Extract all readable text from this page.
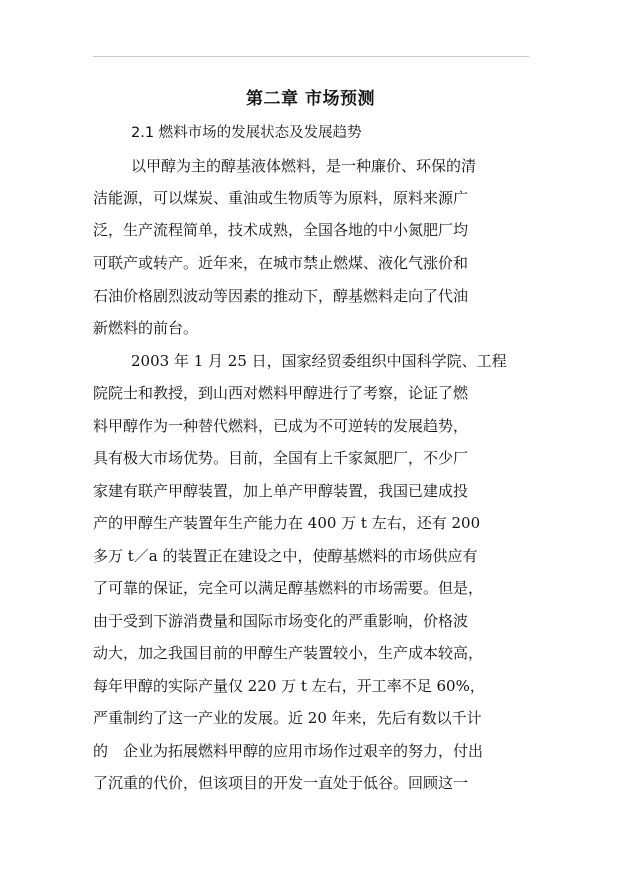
第二章 市场预测
2.1 燃料市场的发展状态及发展趋势

以甲醇为主的醇基液体燃料，是一种廉价、环保的清

洁能源，可以煤炭、重油或生物质等为原料，原料来源广

泛，生产流程简单，技术成熟，全国各地的中小氮肥厂均

可联产或转产。近年来，在城市禁止燃煤、液化气涨价和

石油价格剧烈波动等因素的推动下，醇基燃料走向了代油

新燃料的前台。

2003 年 1 月 25 日，国家经贸委组织中国科学院、工程

院院士和教授，到山西对燃料甲醇进行了考察，论证了燃

料甲醇作为一种替代燃料，已成为不可逆转的发展趋势，

具有极大市场优势。目前，全国有上千家氮肥厂，不少厂

家建有联产甲醇装置，加上单产甲醇装置，我国已建成投

产的甲醇生产装置年生产能力在 400 万 t 左右，还有 200

多万 t／a 的装置正在建设之中，使醇基燃料的市场供应有

了可靠的保证，完全可以满足醇基燃料的市场需要。但是，

由于受到下游消费量和国际市场变化的严重影响，价格波

动大，加之我国目前的甲醇生产装置较小，生产成本较高，

每年甲醇的实际产量仅 220 万 t 左右，开工率不足 60%，

严重制约了这一产业的发展。近 20 年来，先后有数以千计

的　企业为拓展燃料甲醇的应用市场作过艰辛的努力，付出

了沉重的代价，但该项目的开发一直处于低谷。回顾这一
